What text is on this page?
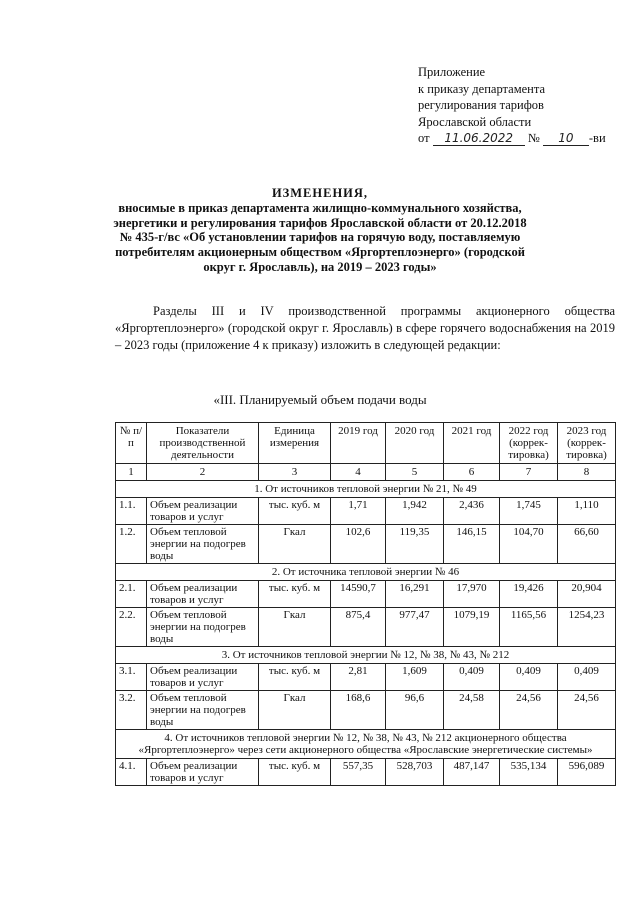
Приложение
к приказу департамента
регулирования тарифов
Ярославской области
от 11.06.2022 № 10 -ви
ИЗМЕНЕНИЯ,
вносимые в приказ департамента жилищно-коммунального хозяйства,
энергетики и регулирования тарифов Ярославской области от 20.12.2018
№ 435-г/вс «Об установлении тарифов на горячую воду, поставляемую
потребителям акционерным обществом «Яргортеплоэнерго» (городской
округ г. Ярославль), на 2019 – 2023 годы»
Разделы III и IV производственной программы акционерного общества «Яргортеплоэнерго» (городской округ г. Ярославль) в сфере горячего водоснабжения на 2019 – 2023 годы (приложение 4 к приказу) изложить в следующей редакции:
«III. Планируемый объем подачи воды
№ п/п	Показатели производственной деятельности	Единица измерения	2019 год	2020 год	2021 год	2022 год (коррек-тировка)	2023 год (коррек-тировка)
1	2	3	4	5	6	7	8
1. От источников тепловой энергии № 21, № 49							
1.1.	Объем реализации товаров и услуг	тыс. куб. м	1,71	1,942	2,436	1,745	1,110
1.2.	Объем тепловой энергии на подогрев воды	Гкал	102,6	119,35	146,15	104,70	66,60
2. От источника тепловой энергии № 46							
2.1.	Объем реализации товаров и услуг	тыс. куб. м	14590,7	16,291	17,970	19,426	20,904
2.2.	Объем тепловой энергии на подогрев воды	Гкал	875,4	977,47	1079,19	1165,56	1254,23
3. От источников тепловой энергии № 12, № 38, № 43, № 212							
3.1.	Объем реализации товаров и услуг	тыс. куб. м	2,81	1,609	0,409	0,409	0,409
3.2.	Объем тепловой энергии на подогрев воды	Гкал	168,6	96,6	24,58	24,56	24,56
4. От источников тепловой энергии № 12, № 38, № 43, № 212 акционерного общества «Яргортеплоэнерго» через сети акционерного общества «Ярославские энергетические системы»							
4.1.	Объем реализации товаров и услуг	тыс. куб. м	557,35	528,703	487,147	535,134	596,089
